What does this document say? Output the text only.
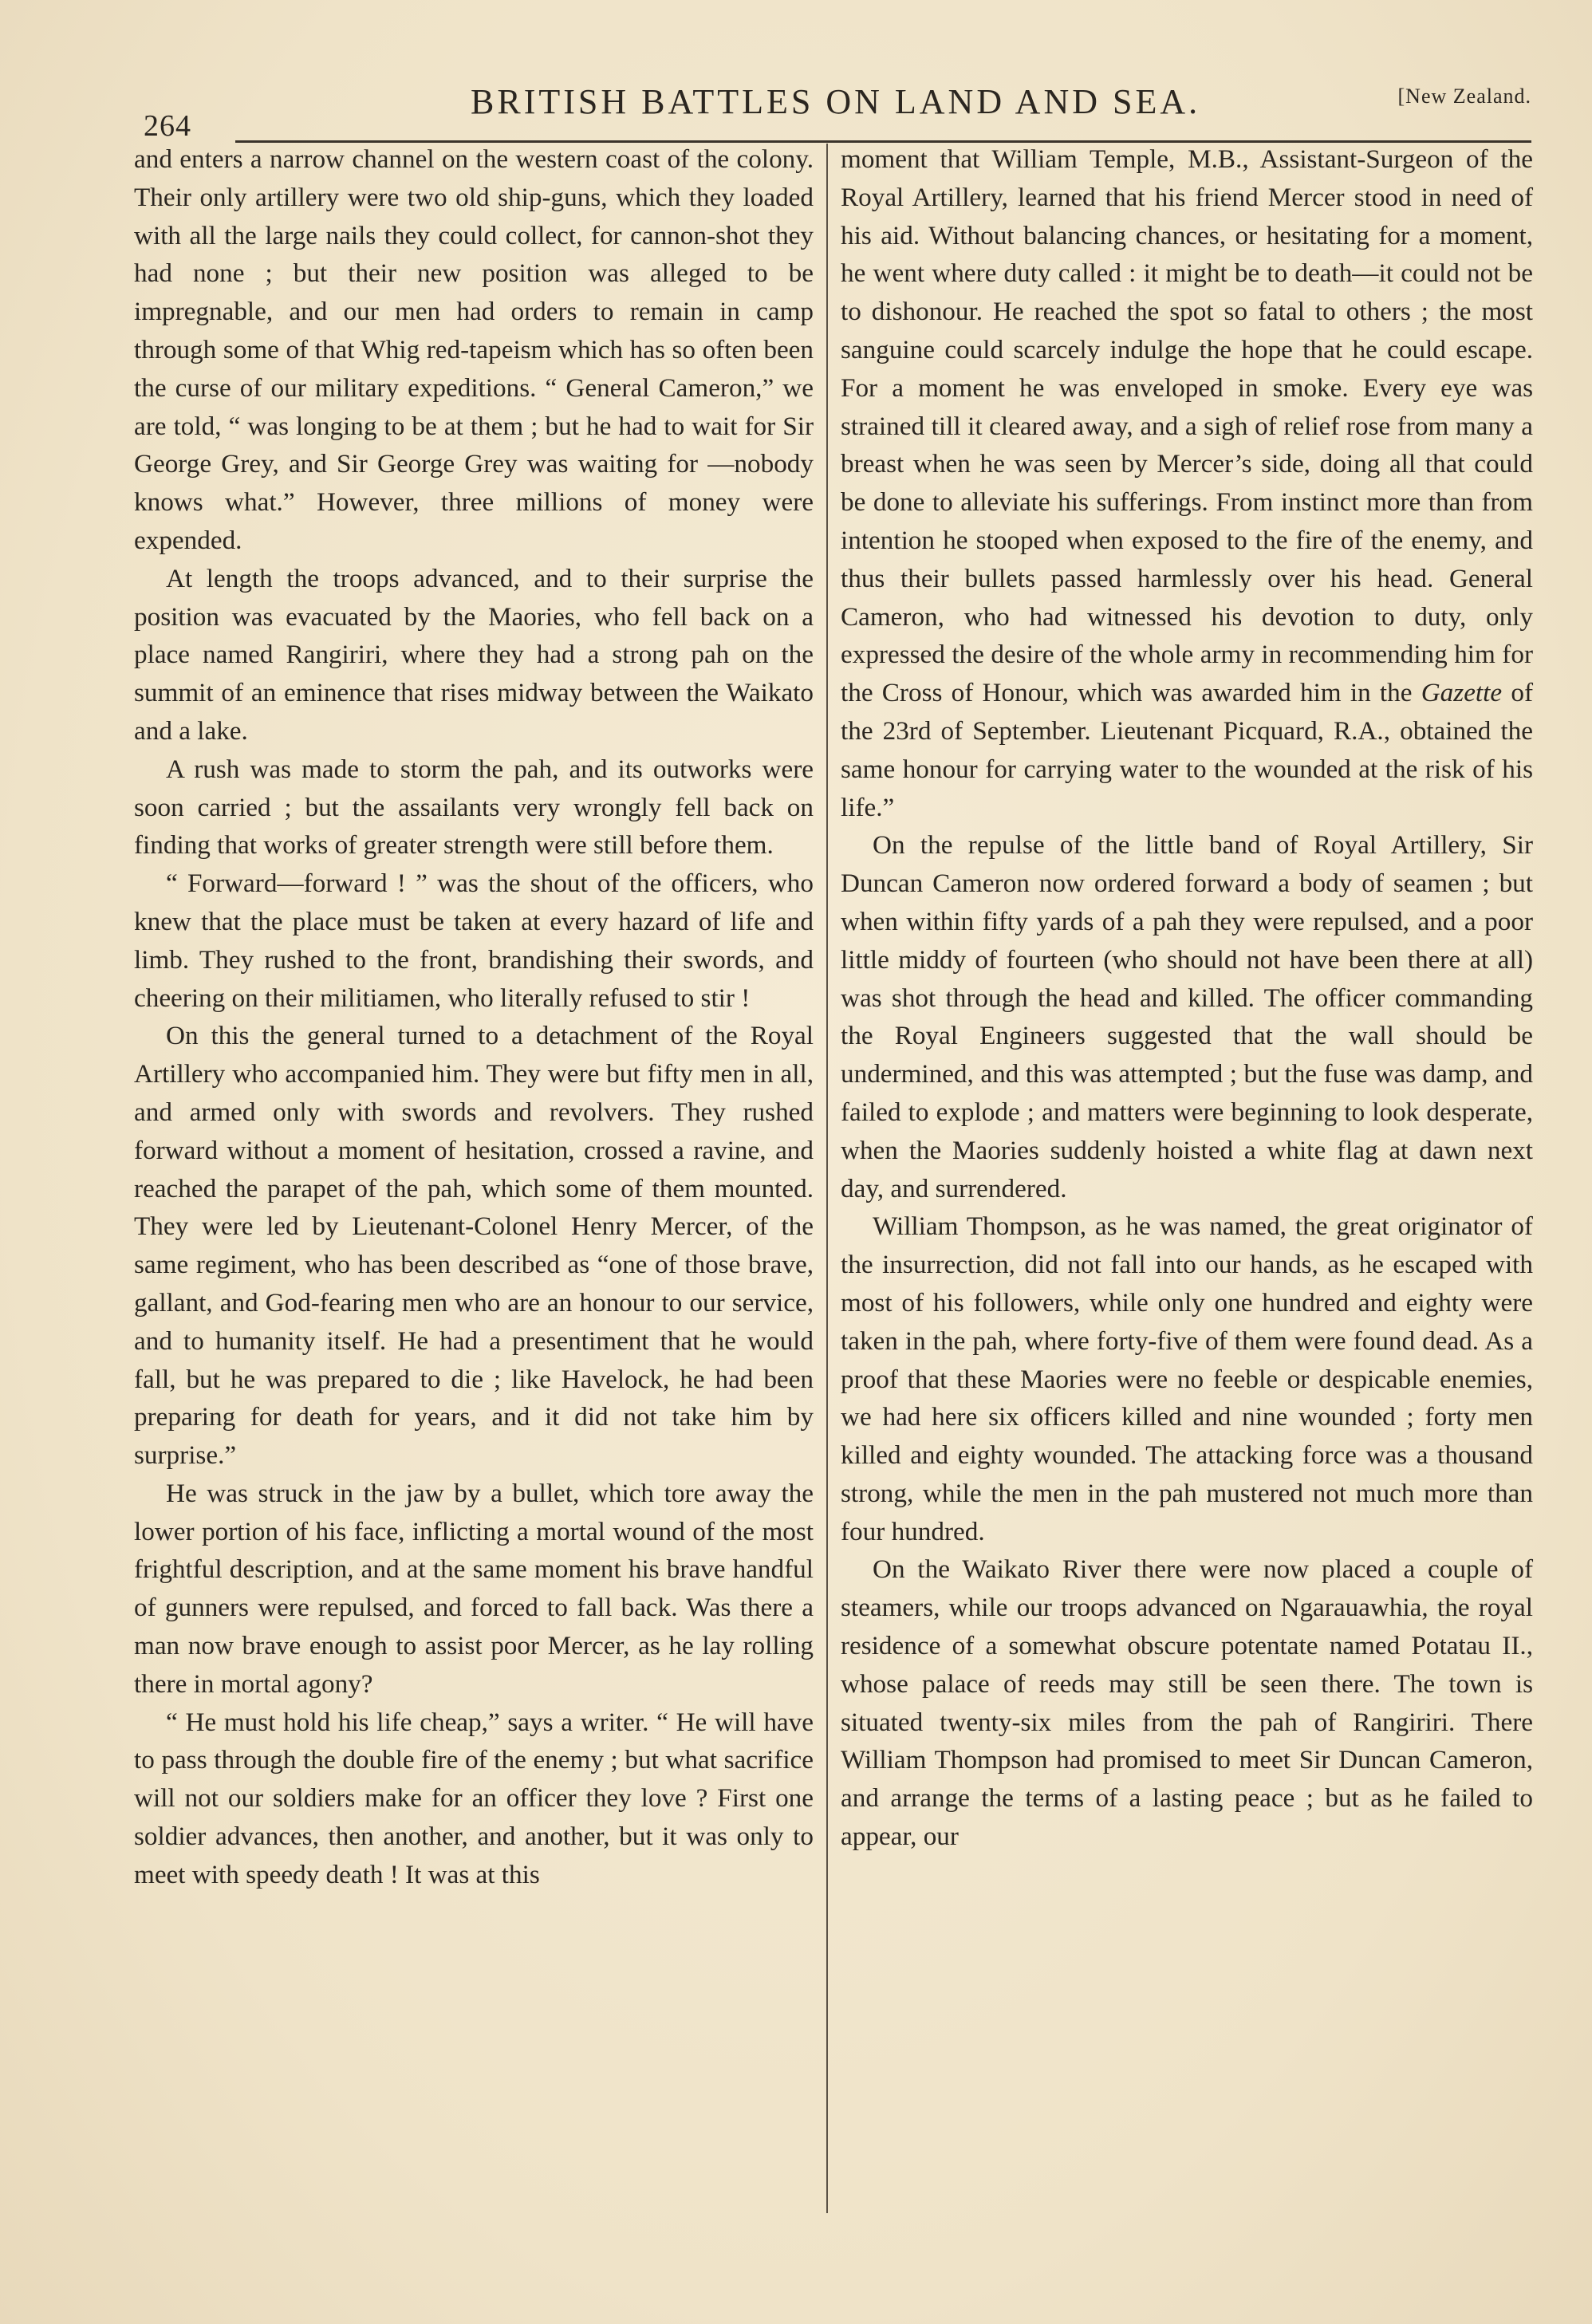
264
BRITISH BATTLES ON LAND AND SEA.	[New Zealand.

and enters a narrow channel on the western coast of the colony. Their only artillery were two old ship-guns, which they loaded with all the large nails they could collect, for cannon-shot they had none ; but their new position was alleged to be impregnable, and our men had orders to remain in camp through some of that Whig red-tapeism which has so often been the curse of our military expeditions. “ General Cameron,” we are told, “ was longing to be at them ; but he had to wait for Sir George Grey, and Sir George Grey was waiting for —nobody knows what.” However, three millions of money were expended.

At length the troops advanced, and to their surprise the position was evacuated by the Maories, who fell back on a place named Rangiriri, where they had a strong pah on the summit of an eminence that rises midway between the Waikato and a lake.

A rush was made to storm the pah, and its outworks were soon carried ; but the assailants very wrongly fell back on finding that works of greater strength were still before them.

“ Forward—forward ! ” was the shout of the officers, who knew that the place must be taken at every hazard of life and limb. They rushed to the front, brandishing their swords, and cheering on their militiamen, who literally refused to stir !

On this the general turned to a detachment of the Royal Artillery who accompanied him. They were but fifty men in all, and armed only with swords and revolvers. They rushed forward without a moment of hesitation, crossed a ravine, and reached the parapet of the pah, which some of them mounted. They were led by Lieutenant-Colonel Henry Mercer, of the same regiment, who has been described as “one of those brave, gallant, and God-fearing men who are an honour to our service, and to humanity itself. He had a presentiment that he would fall, but he was prepared to die ; like Havelock, he had been preparing for death for years, and it did not take him by surprise.”

He was struck in the jaw by a bullet, which tore away the lower portion of his face, inflicting a mortal wound of the most frightful description, and at the same moment his brave handful of gunners were repulsed, and forced to fall back. Was there a man now brave enough to assist poor Mercer, as he lay rolling there in mortal agony?

“ He must hold his life cheap,” says a writer. “ He will have to pass through the double fire of the enemy ; but what sacrifice will not our soldiers make for an officer they love ? First one soldier advances, then another, and another, but it was only to meet with speedy death ! It was at this

moment that William Temple, M.B., Assistant-Surgeon of the Royal Artillery, learned that his friend Mercer stood in need of his aid. Without balancing chances, or hesitating for a moment, he went where duty called : it might be to death—it could not be to dishonour. He reached the spot so fatal to others ; the most sanguine could scarcely indulge the hope that he could escape. For a moment he was enveloped in smoke. Every eye was strained till it cleared away, and a sigh of relief rose from many a breast when he was seen by Mercer’s side, doing all that could be done to alleviate his sufferings. From instinct more than from intention he stooped when exposed to the fire of the enemy, and thus their bullets passed harmlessly over his head. General Cameron, who had witnessed his devotion to duty, only expressed the desire of the whole army in recommending him for the Cross of Honour, which was awarded him in the Gazette of the 23rd of September. Lieutenant Picquard, R.A., obtained the same honour for carrying water to the wounded at the risk of his life.”

On the repulse of the little band of Royal Artillery, Sir Duncan Cameron now ordered forward a body of seamen ; but when within fifty yards of a pah they were repulsed, and a poor little middy of fourteen (who should not have been there at all) was shot through the head and killed. The officer commanding the Royal Engineers suggested that the wall should be undermined, and this was attempted ; but the fuse was damp, and failed to explode ; and matters were beginning to look desperate, when the Maories suddenly hoisted a white flag at dawn next day, and surrendered.

William Thompson, as he was named, the great originator of the insurrection, did not fall into our hands, as he escaped with most of his followers, while only one hundred and eighty were taken in the pah, where forty-five of them were found dead. As a proof that these Maories were no feeble or despicable enemies, we had here six officers killed and nine wounded ; forty men killed and eighty wounded. The attacking force was a thousand strong, while the men in the pah mustered not much more than four hundred.

On the Waikato River there were now placed a couple of steamers, while our troops advanced on Ngarauawhia, the royal residence of a somewhat obscure potentate named Potatau II., whose palace of reeds may still be seen there. The town is situated twenty-six miles from the pah of Rangiriri. There William Thompson had promised to meet Sir Duncan Cameron, and arrange the terms of a lasting peace ; but as he failed to appear, our
